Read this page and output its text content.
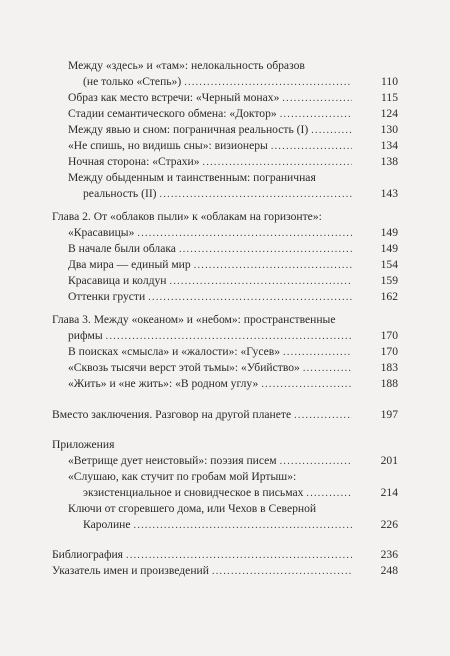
Между «здесь» и «там»: нелокальность образов
(не только «Степь») . . .	110
Образ как место встречи: «Черный монах» . . .	115
Стадии семантического обмена: «Доктор» . . .	124
Между явью и сном: пограничная реальность (I) . . .	130
«Не спишь, но видишь сны»: визионеры . . .	134
Ночная сторона: «Страхи» . . .	138
Между обыденным и таинственным: пограничная
реальность (II) . . .	143
Глава 2. От «облаков пыли» к «облакам на горизонте»:
«Красавицы» . . .	149
В начале были облака . . .	149
Два мира — единый мир . . .	154
Красавица и колдун . . .	159
Оттенки грусти . . .	162
Глава 3. Между «океаном» и «небом»: пространственные
рифмы . . .	170
В поисках «смысла» и «жалости»: «Гусев» . . .	170
«Сквозь тысячи верст этой тьмы»: «Убийство» . . .	183
«Жить» и «не жить»: «В родном углу» . . .	188
Вместо заключения. Разговор на другой планете . . .	197
Приложения
«Ветрище дует неистовый»: поэзия писем . . .	201
«Слушаю, как стучит по гробам мой Иртыш»:
экзистенциальное и сновидческое в письмах . . .	214
Ключи от сгоревшего дома, или Чехов в Северной
Каролине . . .	226
Библиография . . .	236
Указатель имен и произведений . . .	248
